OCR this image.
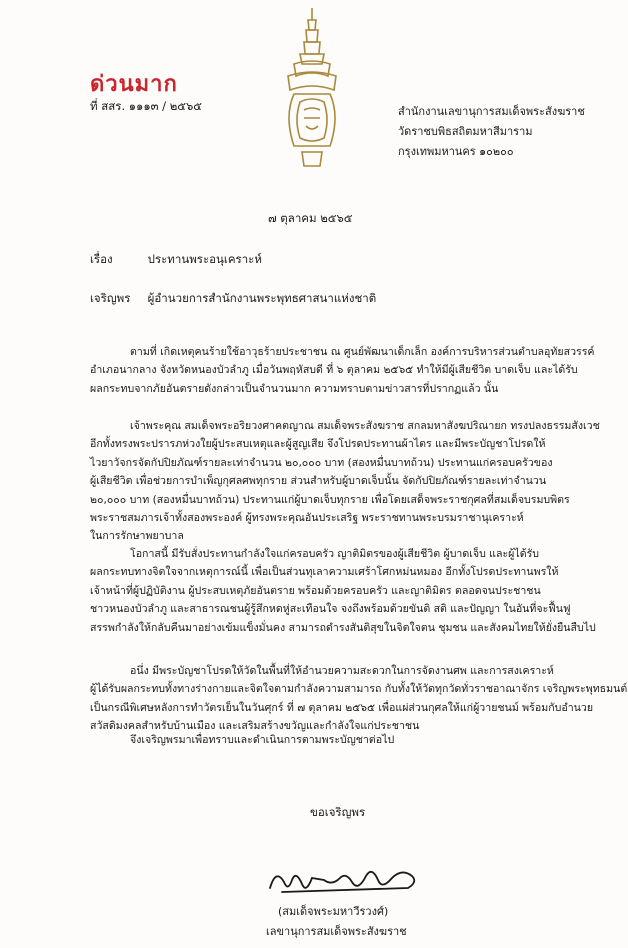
ด่วนมาก
ที่ สสร. ๑๑๑๓ / ๒๕๖๕	สำนักงานเลขานุการสมเด็จพระสังฆราช
วัดราชบพิธสถิตมหาสีมาราม
กรุงเทพมหานคร ๑๐๒๐๐
๗ ตุลาคม ๒๕๖๕
เรื่อง	ประทานพระอนุเคราะห์
เจริญพร ผู้อำนวยการสำนักงานพระพุทธศาสนาแห่งชาติ
ตามที่ เกิดเหตุคนร้ายใช้อาวุธร้ายประชาชน ณ ศูนย์พัฒนาเด็กเล็ก องค์การบริหารส่วนตำบลอุทัยสวรรค์
อำเภอนากลาง จังหวัดหนองบัวลำภู เมื่อวันพฤหัสบดี ที่ ๖ ตุลาคม ๒๕๖๕ ทำให้มีผู้เสียชีวิต บาดเจ็บ และได้รับ
ผลกระทบจากภัยอันตรายดังกล่าวเป็นจำนวนมาก ความทราบตามข่าวสารที่ปรากฏแล้ว นั้น
เจ้าพระคุณ สมเด็จพระอริยวงศาคตญาณ สมเด็จพระสังฆราช สกลมหาสังฆปริณายก ทรงปลงธรรมสังเวช
อีกทั้งทรงพระปรารภห่วงใยผู้ประสบเหตุและผู้สูญเสีย จึงโปรดประทานผ้าไตร และมีพระบัญชาโปรดให้
ไวยาวัจกรจัดกัปปิยภัณฑ์รายละเท่าจำนวน ๒๐,๐๐๐ บาท (สองหมื่นบาทถ้วน) ประทานแก่ครอบครัวของ
ผู้เสียชีวิต เพื่อช่วยการบำเพ็ญกุศลศพทุกราย ส่วนสำหรับผู้บาดเจ็บนั้น จัดกัปปิยภัณฑ์รายละเท่าจำนวน
๒๐,๐๐๐ บาท (สองหมื่นบาทถ้วน) ประทานแก่ผู้บาดเจ็บทุกราย เพื่อโดยเสด็จพระราชกุศลที่สมเด็จบรมบพิตร
พระราชสมภารเจ้าทั้งสองพระองค์ ผู้ทรงพระคุณอันประเสริฐ พระราชทานพระบรมราชานุเคราะห์
ในการรักษาพยาบาล
โอกาสนี้ มีรับสั่งประทานกำลังใจแก่ครอบครัว ญาติมิตรของผู้เสียชีวิต ผู้บาดเจ็บ และผู้ได้รับ
ผลกระทบทางจิตใจจากเหตุการณ์นี้ เพื่อเป็นส่วนทุเลาความเศร้าโศกหม่นหมอง อีกทั้งโปรดประทานพรให้
เจ้าหน้าที่ผู้ปฏิบัติงาน ผู้ประสบเหตุภัยอันตราย พร้อมด้วยครอบครัว และญาติมิตร ตลอดจนประชาชน
ชาวหนองบัวลำภู และสาธารณชนผู้รู้สึกหดหู่สะเทือนใจ จงถึงพร้อมด้วยขันติ สติ และปัญญา ในอันที่จะฟื้นฟู
สรรพกำลังให้กลับคืนมาอย่างเข้มแข็งมั่นคง สามารถดำรงสันติสุขในจิตใจตน ชุมชน และสังคมไทยให้ยั่งยืนสืบไป
อนึ่ง มีพระบัญชาโปรดให้วัดในพื้นที่ให้อำนวยความสะดวกในการจัดงานศพ และการสงเคราะห์
ผู้ได้รับผลกระทบทั้งทางร่างกายและจิตใจตามกำลังความสามารถ กับทั้งให้วัดทุกวัดทั่วราชอาณาจักร เจริญพระพุทธมนต์
เป็นกรณีพิเศษหลังการทำวัตรเย็นในวันศุกร์ ที่ ๗ ตุลาคม ๒๕๖๕ เพื่อแผ่ส่วนกุศลให้แก่ผู้วายชนม์ พร้อมกับอำนวย
สวัสดิมงคลสำหรับบ้านเมือง และเสริมสร้างขวัญและกำลังใจแก่ประชาชน
จึงเจริญพรมาเพื่อทราบและดำเนินการตามพระบัญชาต่อไป
ขอเจริญพร
(สมเด็จพระมหาวีรวงศ์)
เลขานุการสมเด็จพระสังฆราช
